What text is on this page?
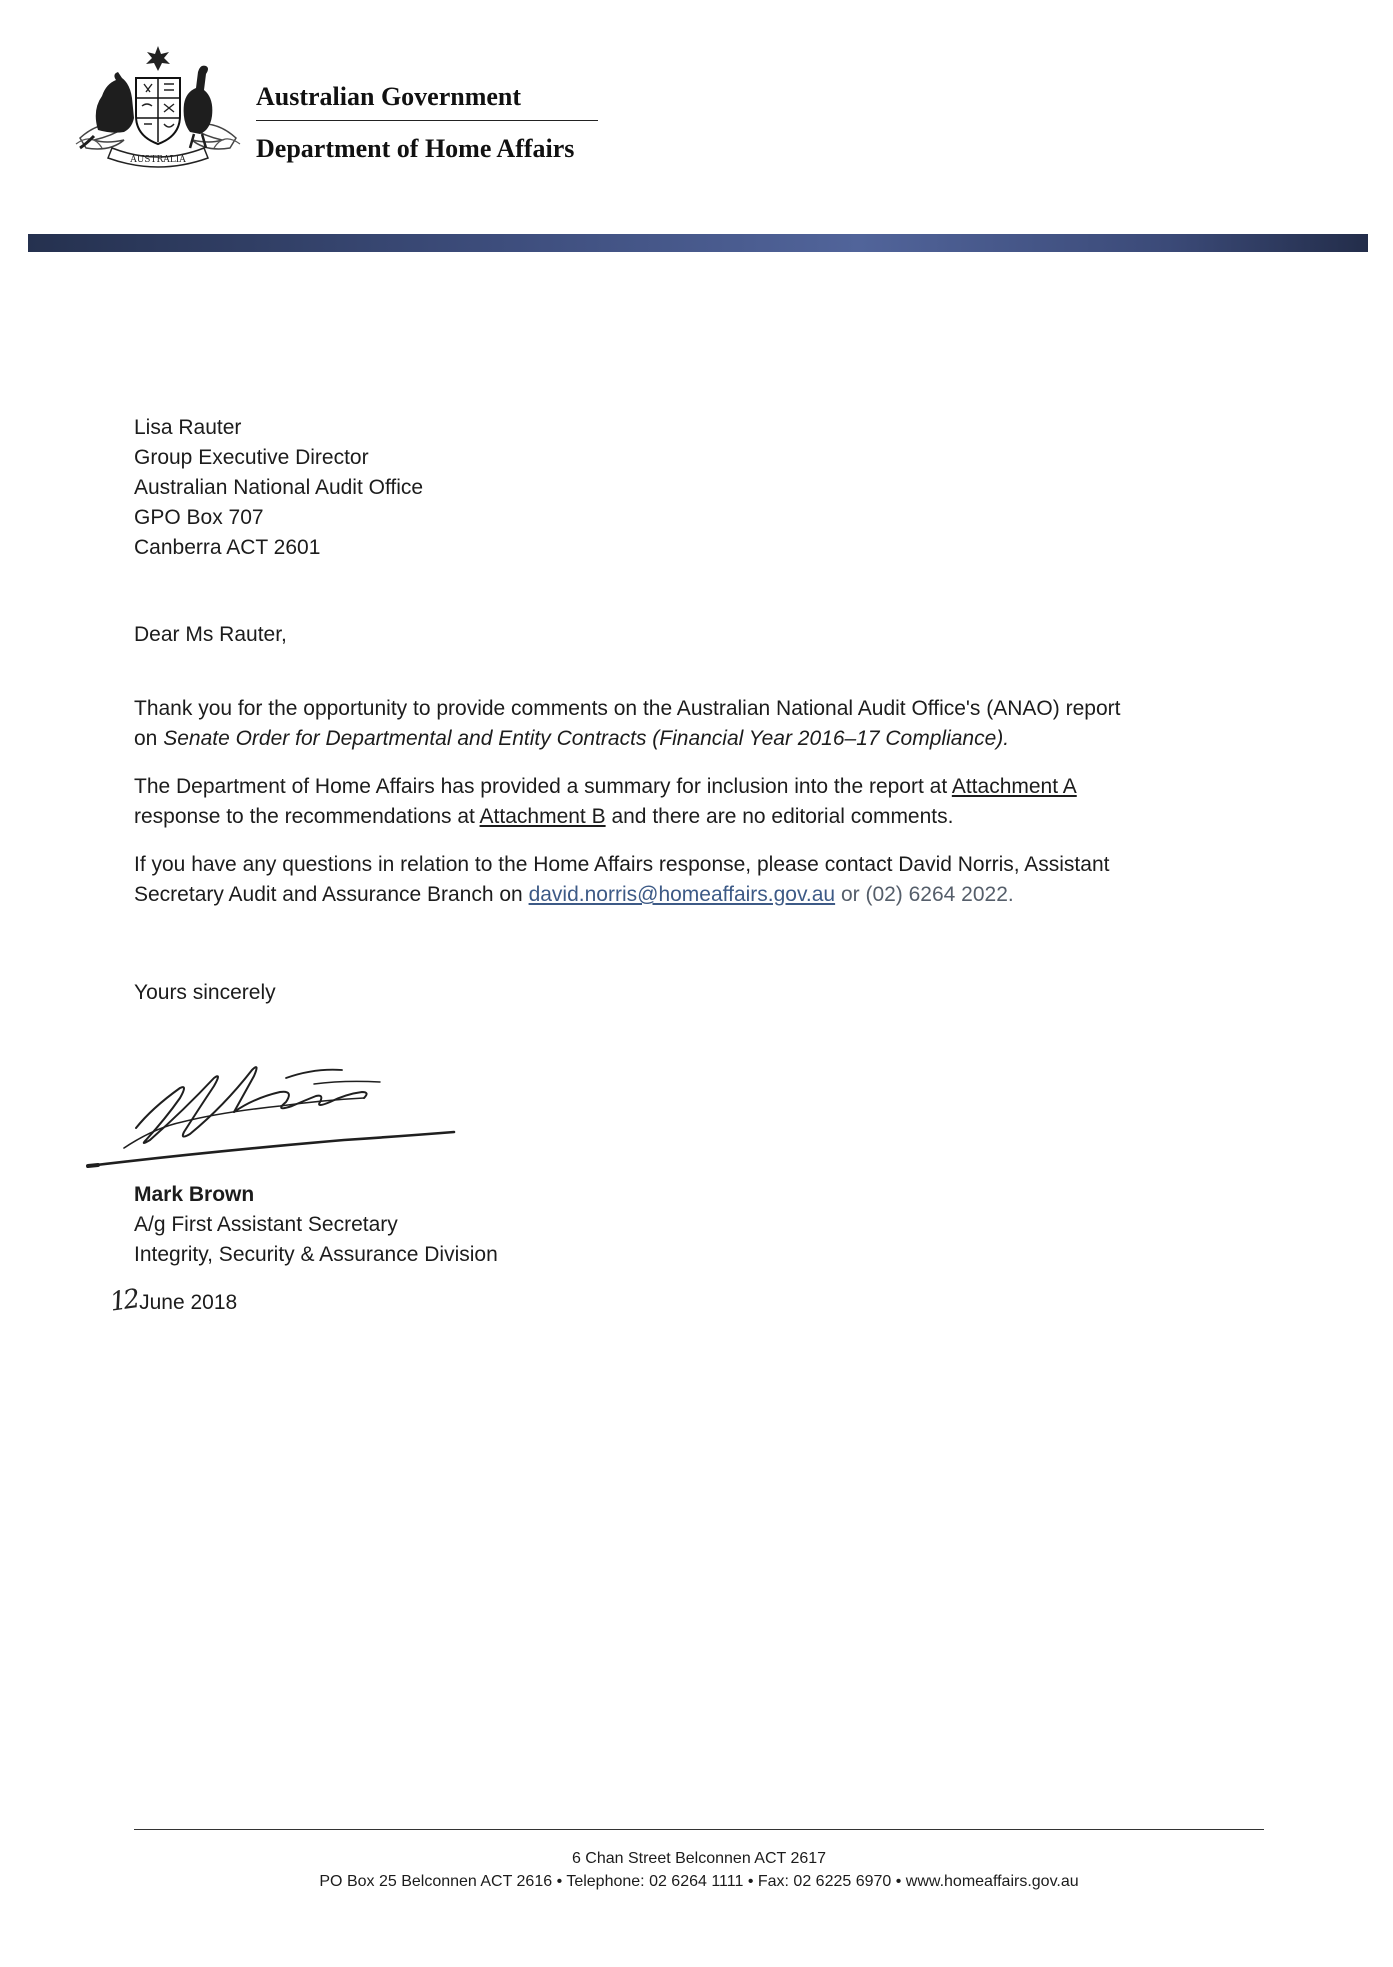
AUSTRALIA
Australian Government
Department of Home Affairs
Lisa Rauter
Group Executive Director
Australian National Audit Office
GPO Box 707
Canberra ACT 2601
Dear Ms Rauter,
Thank you for the opportunity to provide comments on the Australian National Audit Office's (ANAO) report
on Senate Order for Departmental and Entity Contracts (Financial Year 2016–17 Compliance).
The Department of Home Affairs has provided a summary for inclusion into the report at Attachment A
response to the recommendations at Attachment B and there are no editorial comments.
If you have any questions in relation to the Home Affairs response, please contact David Norris, Assistant
Secretary Audit and Assurance Branch on david.norris@homeaffairs.gov.au or (02) 6264 2022.
Yours sincerely
Mark Brown
A/g First Assistant Secretary
Integrity, Security & Assurance Division
12June 2018
6 Chan Street Belconnen ACT 2617
PO Box 25 Belconnen ACT 2616 • Telephone: 02 6264 1111 • Fax: 02 6225 6970 • www.homeaffairs.gov.au
